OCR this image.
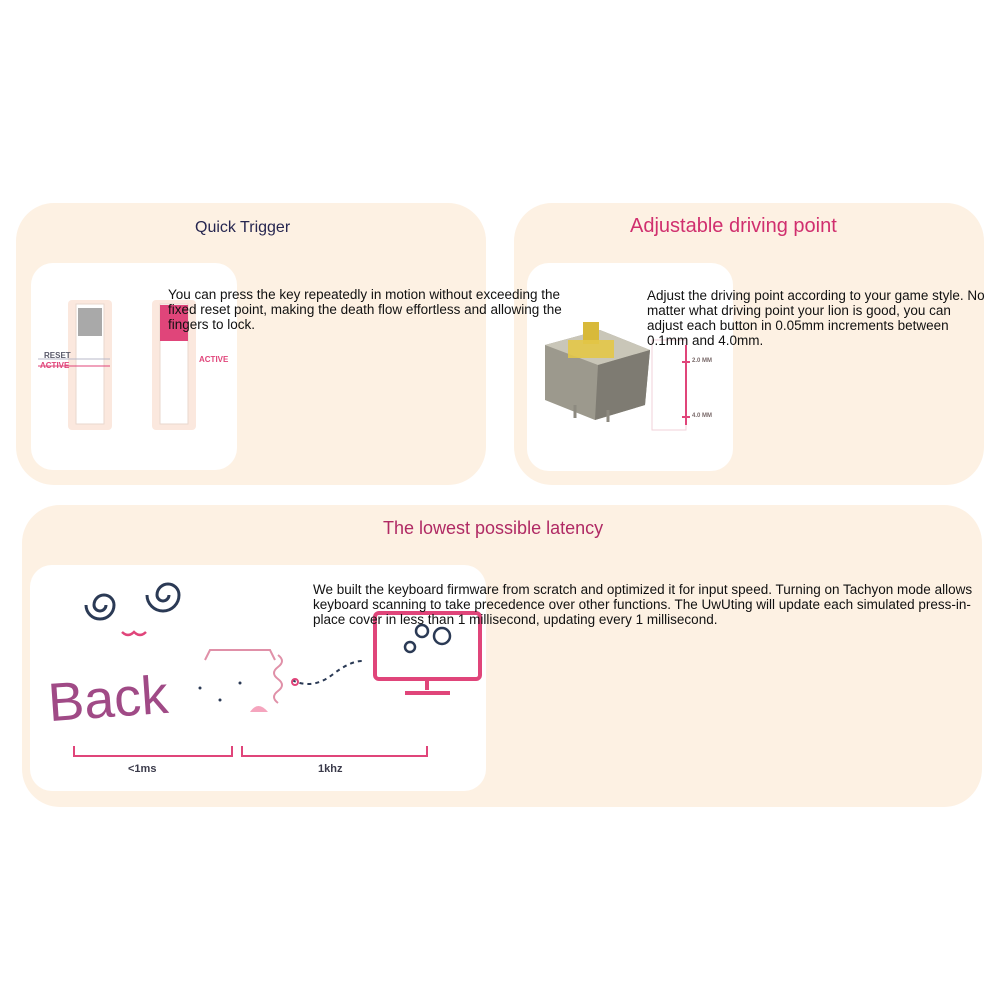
Quick Trigger
You can press the key repeatedly in motion without exceeding the fixed reset point, making the death flow effortless and allowing the fingers to lock.
RESET
ACTIVE
ACTIVE
Adjustable driving point
Adjust the driving point according to your game style. No matter what driving point your lion is good, you can adjust each button in 0.05mm increments between 0.1mm and 4.0mm.
2.0 MM
4.0 MM
The lowest possible latency
We built the keyboard firmware from scratch and optimized it for input speed. Turning on Tachyon mode allows keyboard scanning to take precedence over other functions. The UwUting will update each simulated press-in-place cover in less than 1 millisecond, updating every 1 millisecond.
Back
<1ms	1khz
